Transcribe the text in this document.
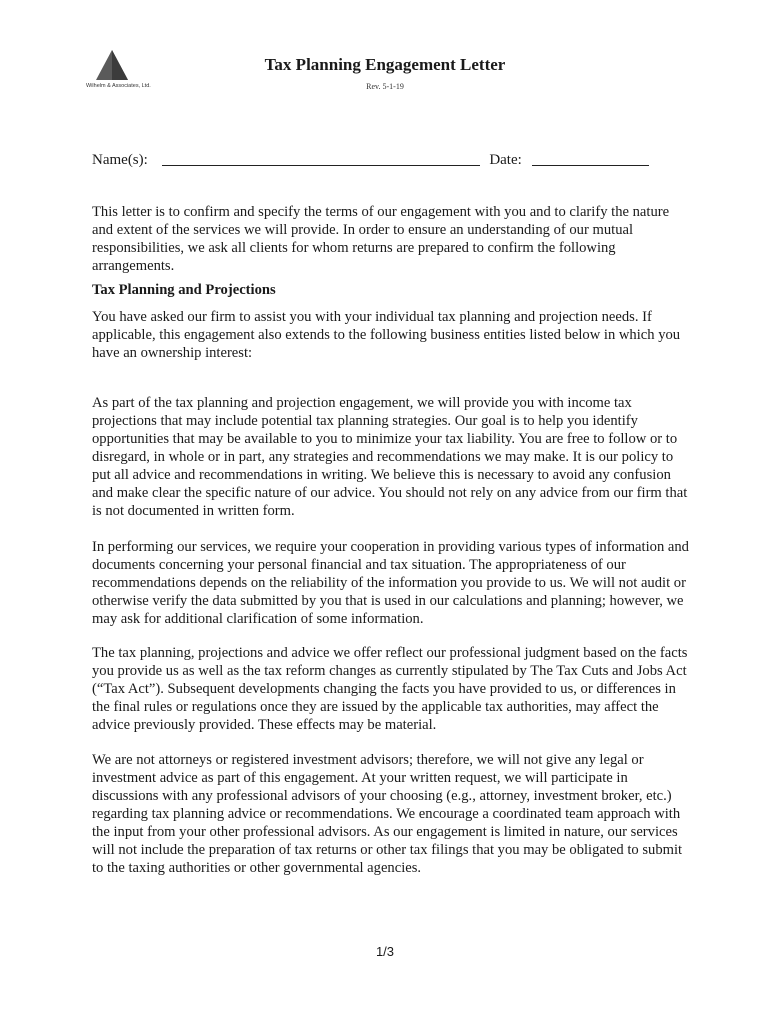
Wilhelm & Associates, Ltd.
Tax Planning Engagement Letter
Rev. 5-1-19
Name(s):	Date:

This letter is to confirm and specify the terms of our engagement with you and to clarify the nature and extent of the services we will provide. In order to ensure an understanding of our mutual responsibilities, we ask all clients for whom returns are prepared to confirm the following arrangements.

Tax Planning and Projections

You have asked our firm to assist you with your individual tax planning and projection needs. If applicable, this engagement also extends to the following business entities listed below in which you have an ownership interest:

As part of the tax planning and projection engagement, we will provide you with income tax projections that may include potential tax planning strategies. Our goal is to help you identify opportunities that may be available to you to minimize your tax liability. You are free to follow or to disregard, in whole or in part, any strategies and recommendations we may make. It is our policy to put all advice and recommendations in writing. We believe this is necessary to avoid any confusion and make clear the specific nature of our advice. You should not rely on any advice from our firm that is not documented in written form.

In performing our services, we require your cooperation in providing various types of information and documents concerning your personal financial and tax situation. The appropriateness of our recommendations depends on the reliability of the information you provide to us. We will not audit or otherwise verify the data submitted by you that is used in our calculations and planning; however, we may ask for additional clarification of some information.

The tax planning, projections and advice we offer reflect our professional judgment based on the facts you provide us as well as the tax reform changes as currently stipulated by The Tax Cuts and Jobs Act (“Tax Act”). Subsequent developments changing the facts you have provided to us, or differences in the final rules or regulations once they are issued by the applicable tax authorities, may affect the advice previously provided. These effects may be material.

We are not attorneys or registered investment advisors; therefore, we will not give any legal or investment advice as part of this engagement. At your written request, we will participate in discussions with any professional advisors of your choosing (e.g., attorney, investment broker, etc.) regarding tax planning advice or recommendations. We encourage a coordinated team approach with the input from your other professional advisors. As our engagement is limited in nature, our services will not include the preparation of tax returns or other tax filings that you may be obligated to submit to the taxing authorities or other governmental agencies.

1/3
